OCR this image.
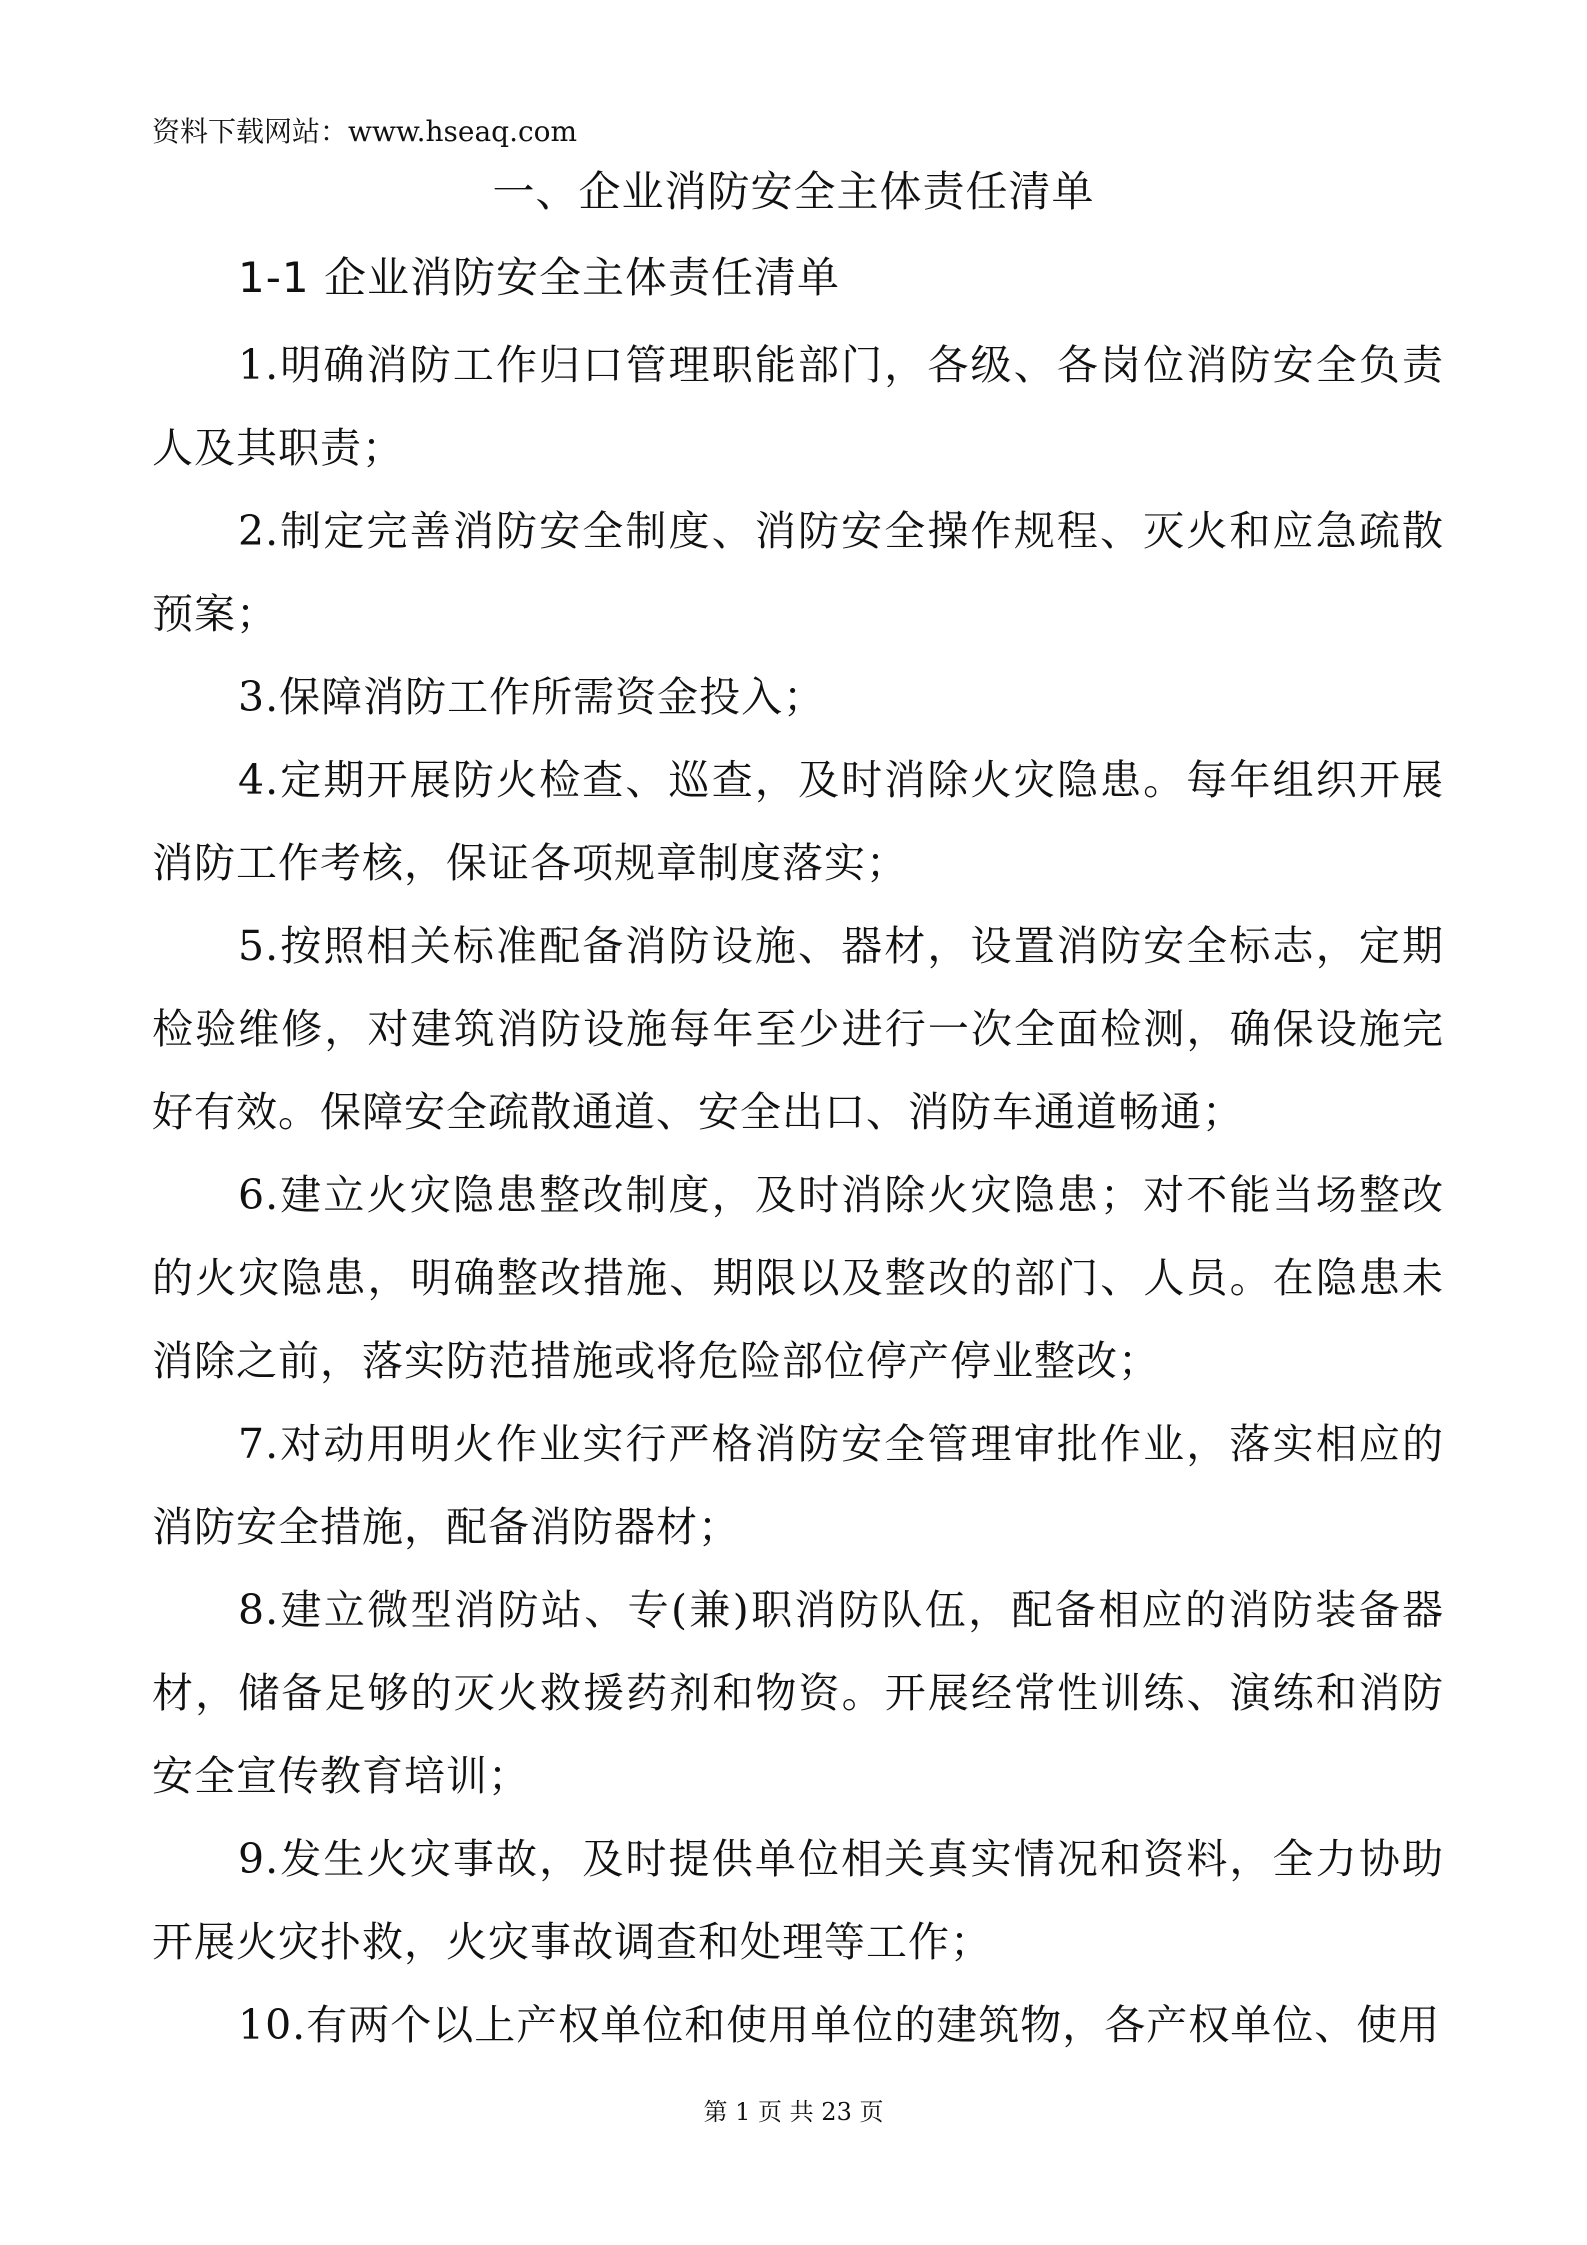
资料下载网站：www.hseaq.com
一、企业消防安全主体责任清单
1-1 企业消防安全主体责任清单

1.明确消防工作归口管理职能部门，各级、各岗位消防安全负责人及其职责；

2.制定完善消防安全制度、消防安全操作规程、灭火和应急疏散预案；

3.保障消防工作所需资金投入；

4.定期开展防火检查、巡查，及时消除火灾隐患。每年组织开展消防工作考核，保证各项规章制度落实；

5.按照相关标准配备消防设施、器材，设置消防安全标志，定期检验维修，对建筑消防设施每年至少进行一次全面检测，确保设施完好有效。保障安全疏散通道、安全出口、消防车通道畅通；

6.建立火灾隐患整改制度，及时消除火灾隐患；对不能当场整改的火灾隐患，明确整改措施、期限以及整改的部门、人员。在隐患未消除之前，落实防范措施或将危险部位停产停业整改；

7.对动用明火作业实行严格消防安全管理审批作业，落实相应的消防安全措施，配备消防器材；

8.建立微型消防站、专(兼)职消防队伍，配备相应的消防装备器材，储备足够的灭火救援药剂和物资。开展经常性训练、演练和消防安全宣传教育培训；

9.发生火灾事故，及时提供单位相关真实情况和资料，全力协助开展火灾扑救，火灾事故调查和处理等工作；

10.有两个以上产权单位和使用单位的建筑物，各产权单位、使用

第 1 页 共 23 页
